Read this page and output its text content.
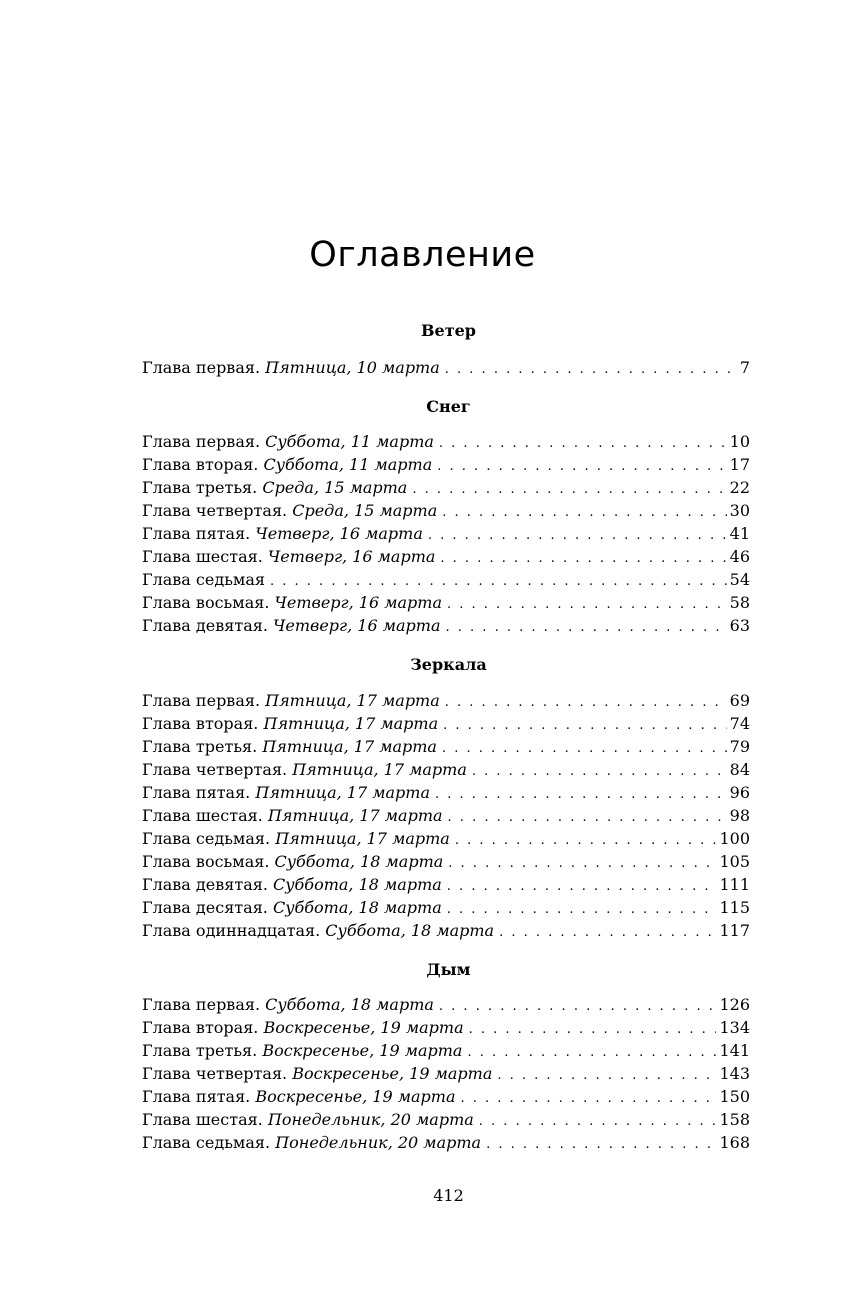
Оглавление
Ветер
Глава первая. Пятница, 10 марта . . .	7
Снег
Глава первая. Суббота, 11 марта . . .	10
Глава вторая. Суббота, 11 марта . . .	17
Глава третья. Среда, 15 марта . . .	22
Глава четвертая. Среда, 15 марта . . .	30
Глава пятая. Четверг, 16 марта . . .	41
Глава шестая. Четверг, 16 марта . . .	46
Глава седьмая . . .	54
Глава восьмая. Четверг, 16 марта . . .	58
Глава девятая. Четверг, 16 марта . . .	63
Зеркала
Глава первая. Пятница, 17 марта . . .	69
Глава вторая. Пятница, 17 марта . . .	74
Глава третья. Пятница, 17 марта . . .	79
Глава четвертая. Пятница, 17 марта . . .	84
Глава пятая. Пятница, 17 марта . . .	96
Глава шестая. Пятница, 17 марта . . .	98
Глава седьмая. Пятница, 17 марта . . .	100
Глава восьмая. Суббота, 18 марта . . .	105
Глава девятая. Суббота, 18 марта . . .	111
Глава десятая. Суббота, 18 марта . . .	115
Глава одиннадцатая. Суббота, 18 марта . . .	117
Дым
Глава первая. Суббота, 18 марта . . .	126
Глава вторая. Воскресенье, 19 марта . . .	134
Глава третья. Воскресенье, 19 марта . . .	141
Глава четвертая. Воскресенье, 19 марта . . .	143
Глава пятая. Воскресенье, 19 марта . . .	150
Глава шестая. Понедельник, 20 марта . . .	158
Глава седьмая. Понедельник, 20 марта . . .	168

412
